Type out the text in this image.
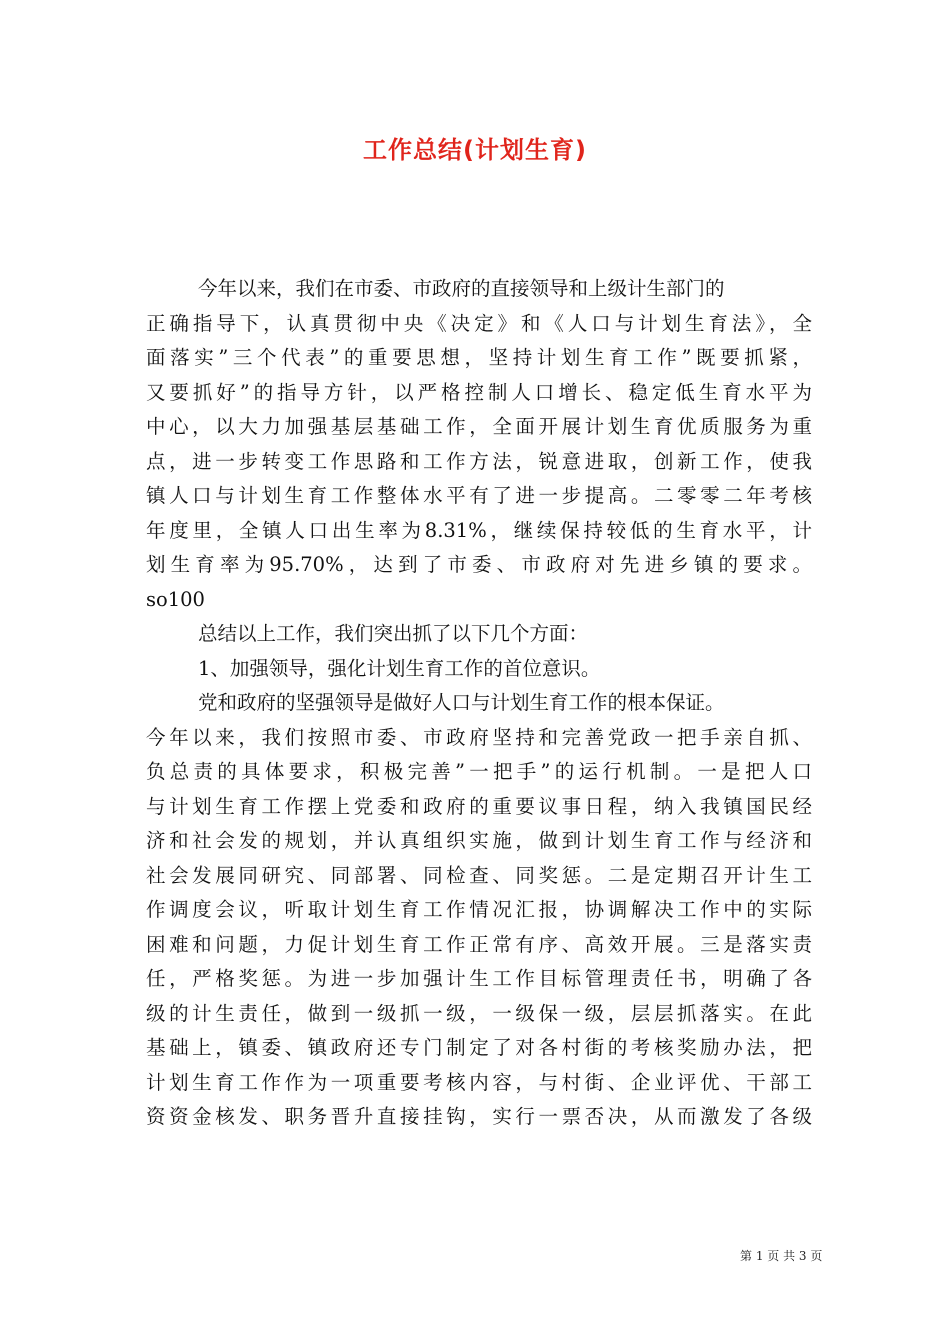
工作总结(计划生育)
今年以来，我们在市委、市政府的直接领导和上级计生部门的
正确指导下，认真贯彻中央《决定》和《人口与计划生育法》，全
面落实”三个代表”的重要思想，坚持计划生育工作”既要抓紧，
又要抓好”的指导方针，以严格控制人口增长、稳定低生育水平为
中心，以大力加强基层基础工作，全面开展计划生育优质服务为重
点，进一步转变工作思路和工作方法，锐意进取，创新工作，使我
镇人口与计划生育工作整体水平有了进一步提高。二零零二年考核
年度里，全镇人口出生率为8.31%，继续保持较低的生育水平，计
划生育率为95.70%，达到了市委、市政府对先进乡镇的要求。
so100
总结以上工作，我们突出抓了以下几个方面：
1、加强领导，强化计划生育工作的首位意识。
党和政府的坚强领导是做好人口与计划生育工作的根本保证。
今年以来，我们按照市委、市政府坚持和完善党政一把手亲自抓、
负总责的具体要求，积极完善”一把手”的运行机制。一是把人口
与计划生育工作摆上党委和政府的重要议事日程，纳入我镇国民经
济和社会发的规划，并认真组织实施，做到计划生育工作与经济和
社会发展同研究、同部署、同检查、同奖惩。二是定期召开计生工
作调度会议，听取计划生育工作情况汇报，协调解决工作中的实际
困难和问题，力促计划生育工作正常有序、高效开展。三是落实责
任，严格奖惩。为进一步加强计生工作目标管理责任书，明确了各
级的计生责任，做到一级抓一级，一级保一级，层层抓落实。在此
基础上，镇委、镇政府还专门制定了对各村街的考核奖励办法，把
计划生育工作作为一项重要考核内容，与村街、企业评优、干部工
资资金核发、职务晋升直接挂钩，实行一票否决，从而激发了各级
第 1 页 共 3 页
